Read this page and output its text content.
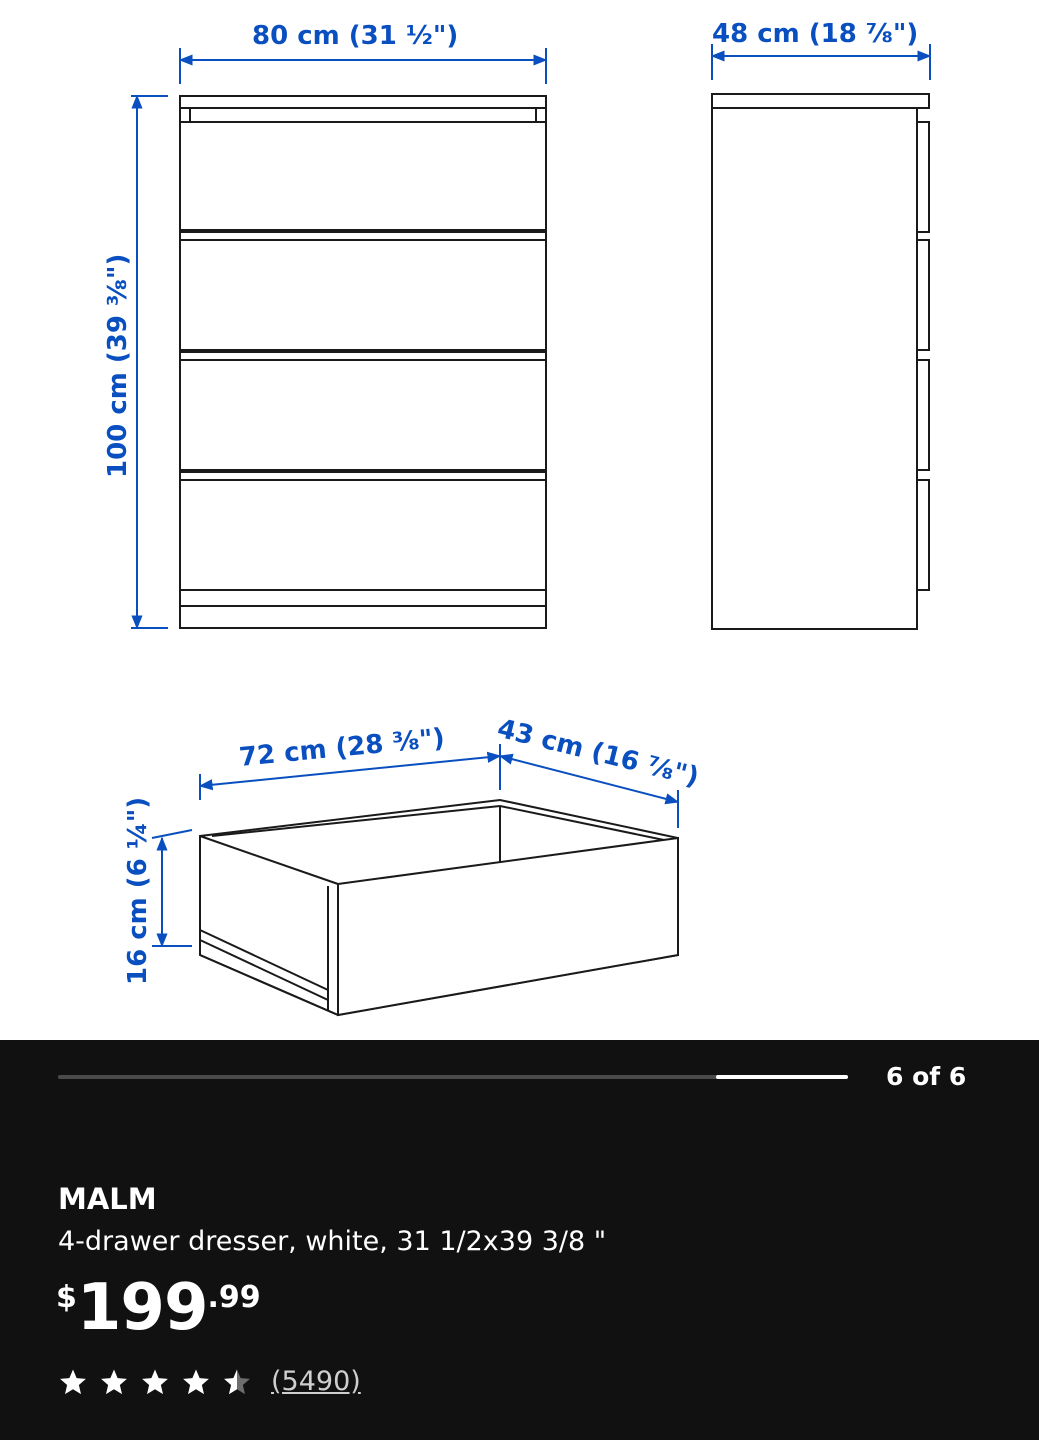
80 cm (31 ½")	48 cm (18 ⅞")
100 cm (39 ⅜")
72 cm (28 ⅜") 43 cm (16 ⅞")
16 cm (6 ¼")
6 of 6
MALM
4-drawer dresser, white, 31 1/2x39 3/8 "
$ 199 .99
(5490)
